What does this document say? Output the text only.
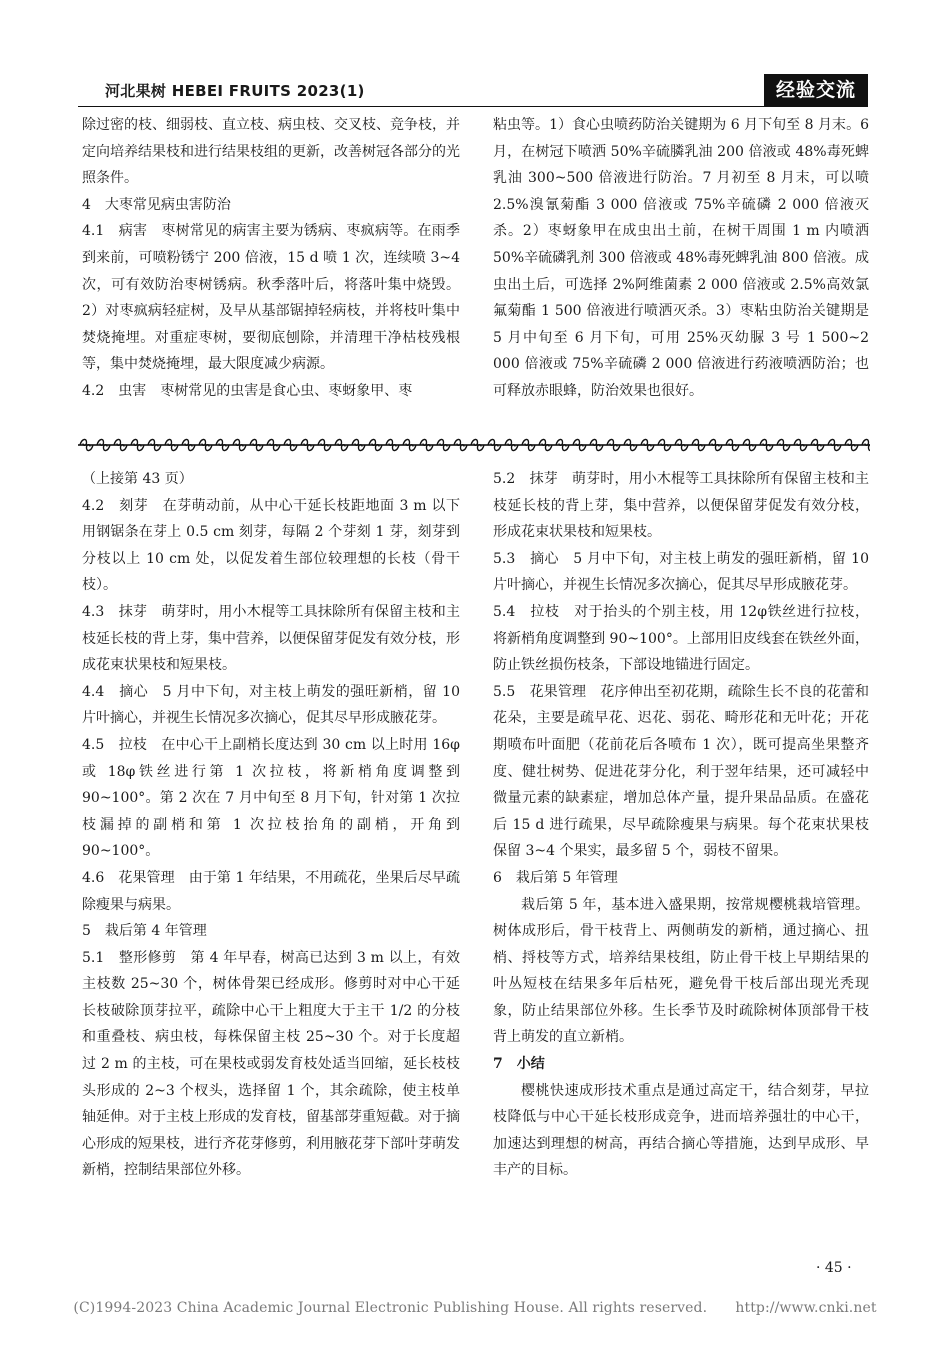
河北果树 HEBEI FRUITS 2023(1)	经验交流

除过密的枝、细弱枝、直立枝、病虫枝、交叉枝、竞争枝，并定向培养结果枝和进行结果枝组的更新，改善树冠各部分的光照条件。

4　大枣常见病虫害防治

4.1　病害　枣树常见的病害主要为锈病、枣疯病等。在雨季到来前，可喷粉锈宁 200 倍液，15 d 喷 1 次，连续喷 3~4 次，可有效防治枣树锈病。秋季落叶后，将落叶集中烧毁。2）对枣疯病轻症树，及早从基部锯掉轻病枝，并将枝叶集中焚烧掩埋。对重症枣树，要彻底刨除，并清理干净枯枝残根等，集中焚烧掩埋，最大限度减少病源。

4.2　虫害　枣树常见的虫害是食心虫、枣蚜象甲、枣

粘虫等。1）食心虫喷药防治关键期为 6 月下旬至 8 月末。6 月，在树冠下喷洒 50%辛硫膦乳油 200 倍液或 48%毒死蜱乳油 300~500 倍液进行防治。7 月初至 8 月末，可以喷 2.5%溴氰菊酯 3 000 倍液或 75%辛硫磷 2 000 倍液灭杀。2）枣蚜象甲在成虫出土前，在树干周围 1 m 内喷洒 50%辛硫磷乳剂 300 倍液或 48%毒死蜱乳油 800 倍液。成虫出土后，可选择 2%阿维菌素 2 000 倍液或 2.5%高效氯氟菊酯 1 500 倍液进行喷洒灭杀。3）枣粘虫防治关键期是 5 月中旬至 6 月下旬，可用 25%灭幼脲 3 号 1 500~2 000 倍液或 75%辛硫磷 2 000 倍液进行药液喷洒防治；也可释放赤眼蜂，防治效果也很好。

（上接第 43 页）

4.2　刻芽　在芽萌动前，从中心干延长枝距地面 3 m 以下用钢锯条在芽上 0.5 cm 刻芽，每隔 2 个芽刻 1 芽，刻芽到分枝以上 10 cm 处，以促发着生部位较理想的长枝（骨干枝）。

4.3　抹芽　萌芽时，用小木棍等工具抹除所有保留主枝和主枝延长枝的背上芽，集中营养，以便保留芽促发有效分枝，形成花束状果枝和短果枝。

4.4　摘心　5 月中下旬，对主枝上萌发的强旺新梢，留 10 片叶摘心，并视生长情况多次摘心，促其尽早形成腋花芽。

4.5　拉枝　在中心干上副梢长度达到 30 cm 以上时用 16φ或 18φ铁丝进行第 1 次拉枝，将新梢角度调整到 90~100°。第 2 次在 7 月中旬至 8 月下旬，针对第 1 次拉枝漏掉的副梢和第 1 次拉枝抬角的副梢，开角到 90~100°。

4.6　花果管理　由于第 1 年结果，不用疏花，坐果后尽早疏除瘦果与病果。

5　栽后第 4 年管理

5.1　整形修剪　第 4 年早春，树高已达到 3 m 以上，有效主枝数 25~30 个，树体骨架已经成形。修剪时对中心干延长枝破除顶芽拉平，疏除中心干上粗度大于主干 1/2 的分枝和重叠枝、病虫枝，每株保留主枝 25~30 个。对于长度超过 2 m 的主枝，可在果枝或弱发育枝处适当回缩，延长枝枝头形成的 2~3 个杈头，选择留 1 个，其余疏除，使主枝单轴延伸。对于主枝上形成的发育枝，留基部芽重短截。对于摘心形成的短果枝，进行齐花芽修剪，利用腋花芽下部叶芽萌发新梢，控制结果部位外移。

5.2　抹芽　萌芽时，用小木棍等工具抹除所有保留主枝和主枝延长枝的背上芽，集中营养，以便保留芽促发有效分枝，形成花束状果枝和短果枝。

5.3　摘心　5 月中下旬，对主枝上萌发的强旺新梢，留 10 片叶摘心，并视生长情况多次摘心，促其尽早形成腋花芽。

5.4　拉枝　对于抬头的个别主枝，用 12φ铁丝进行拉枝，将新梢角度调整到 90~100°。上部用旧皮线套在铁丝外面，防止铁丝损伤枝条，下部设地锚进行固定。

5.5　花果管理　花序伸出至初花期，疏除生长不良的花蕾和花朵，主要是疏早花、迟花、弱花、畸形花和无叶花；开花期喷布叶面肥（花前花后各喷布 1 次），既可提高坐果整齐度、健壮树势、促进花芽分化，利于翌年结果，还可减轻中微量元素的缺素症，增加总体产量，提升果品品质。在盛花后 15 d 进行疏果，尽早疏除瘦果与病果。每个花束状果枝保留 3~4 个果实，最多留 5 个，弱枝不留果。

6　栽后第 5 年管理

栽后第 5 年，基本进入盛果期，按常规樱桃栽培管理。树体成形后，骨干枝背上、两侧萌发的新梢，通过摘心、扭梢、捋枝等方式，培养结果枝组，防止骨干枝上早期结果的叶丛短枝在结果多年后枯死，避免骨干枝后部出现光秃现象，防止结果部位外移。生长季节及时疏除树体顶部骨干枝背上萌发的直立新梢。

7　小结

樱桃快速成形技术重点是通过高定干，结合刻芽，早拉枝降低与中心干延长枝形成竞争，进而培养强壮的中心干，加速达到理想的树高，再结合摘心等措施，达到早成形、早丰产的目标。

· 45 ·
(C)1994-2023 China Academic Journal Electronic Publishing House. All rights reserved.　　http://www.cnki.net
